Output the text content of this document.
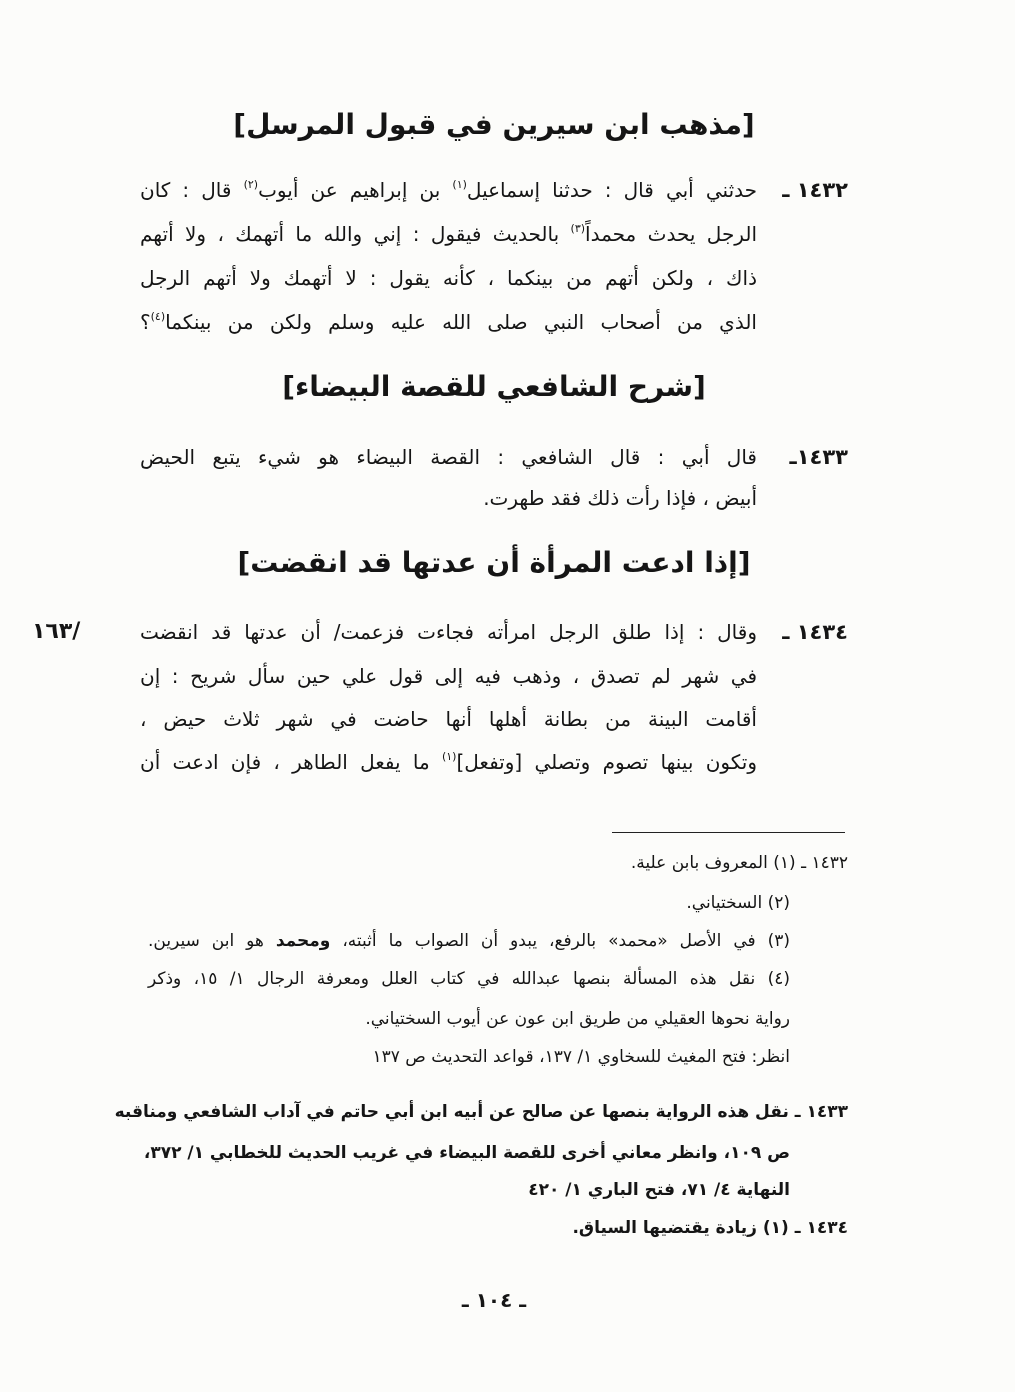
[مذهب ابن سيرين في قبول المرسل]
١٤٣٢ ـ
حدثني أبي قال : حدثنا إسماعيل$^{(١)}$ بن إبراهيم عن أيوب$^{(٢)}$ قال : كان
الرجل يحدث محمداً$^{(٣)}$ بالحديث فيقول : إني والله ما أتهمك ، ولا أتهم
ذاك ، ولكن أتهم من بينكما ، كأنه يقول : لا أتهمك ولا أتهم الرجل
الذي من أصحاب النبي صلى الله عليه وسلم ولكن من بينكما$^{(٤)}$؟
[شرح الشافعي للقصة البيضاء]
١٤٣٣ـ
قال أبي : قال الشافعي : القصة البيضاء هو شيء يتبع الحيض
أبيض ، فإذا رأت ذلك فقد طهرت.
[إذا ادعت المرأة أن عدتها قد انقضت]
١٦٣/	١٤٣٤ ـ
وقال : إذا طلق الرجل امرأته فجاءت فزعمت/ أن عدتها قد انقضت
في شهر لم تصدق ، وذهب فيه إلى قول علي حين سأل شريح : إن
أقامت البينة من بطانة أهلها أنها حاضت في شهر ثلاث حيض ،
وتكون بينها تصوم وتصلي [وتفعل]$^{(١)}$ ما يفعل الطاهر ، فإن ادعت أن
١٤٣٢ ـ (١) المعروف بابن علية.
(٢) السختياني.
(٣) في الأصل «محمد» بالرفع، يبدو أن الصواب ما أثبته، ومحمد هو ابن سيرين.
(٤) نقل هذه المسألة بنصها عبدالله في كتاب العلل ومعرفة الرجال ١/ ١٥، وذكر
رواية نحوها العقيلي من طريق ابن عون عن أيوب السختياني.
انظر: فتح المغيث للسخاوي ١/ ١٣٧، قواعد التحديث ص ١٣٧
١٤٣٣ ـ نقل هذه الرواية بنصها عن صالح عن أبيه ابن أبي حاتم في آداب الشافعي ومناقبه
ص ١٠٩، وانظر معاني أخرى للقصة البيضاء في غريب الحديث للخطابي ١/ ٣٧٢،
النهاية ٤/ ٧١، فتح الباري ١/ ٤٢٠
١٤٣٤ ـ (١) زيادة يقتضيها السياق.
ـ ١٠٤ ـ
